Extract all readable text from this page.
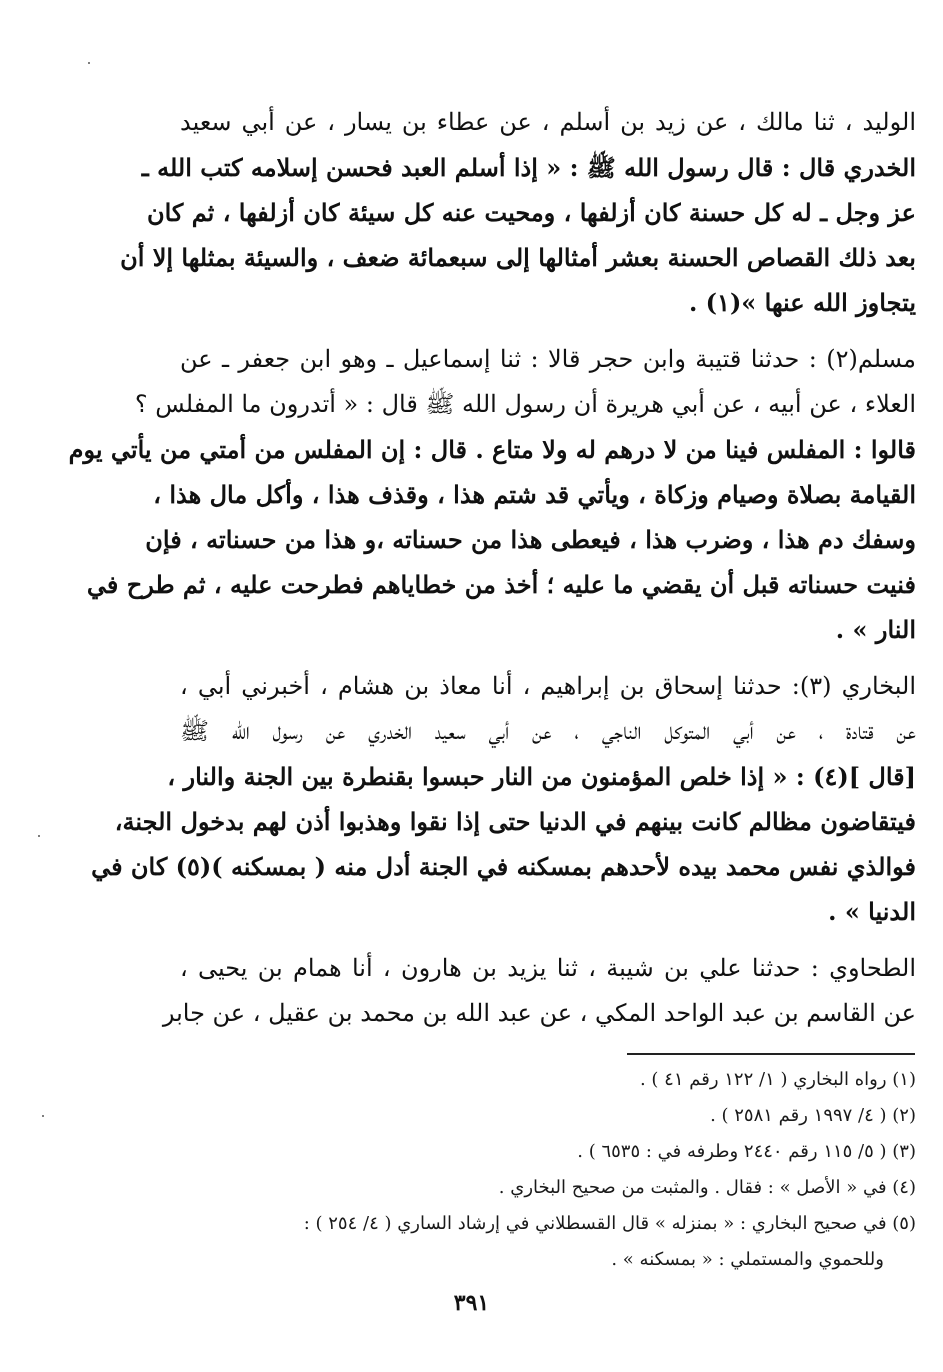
الوليد ، ثنا مالك ، عن زيد بن أسلم ، عن عطاء بن يسار ، عن أبي سعيد
الخدري قال : قال رسول الله ﷺ : « إذا أسلم العبد فحسن إسلامه كتب الله ـ
عز وجل ـ له كل حسنة كان أزلفها ، ومحيت عنه كل سيئة كان أزلفها ، ثم كان
بعد ذلك القصاص الحسنة بعشر أمثالها إلى سبعمائة ضعف ، والسيئة بمثلها إلا أن
يتجاوز الله عنها »(١) .
مسلم(٢) : حدثنا قتيبة وابن حجر قالا : ثنا إسماعيل ـ وهو ابن جعفر ـ عن
العلاء ، عن أبيه ، عن أبي هريرة أن رسول الله ﷺ قال : « أتدرون ما المفلس ؟
قالوا : المفلس فينا من لا درهم له ولا متاع . قال : إن المفلس من أمتي من يأتي يوم
القيامة بصلاة وصيام وزكاة ، ويأتي قد شتم هذا ، وقذف هذا ، وأكل مال هذا ،
وسفك دم هذا ، وضرب هذا ، فيعطى هذا من حسناته ،و هذا من حسناته ، فإن
فنيت حسناته قبل أن يقضي ما عليه ؛ أخذ من خطاياهم فطرحت عليه ، ثم طرح في
النار » .
البخاري (٣): حدثنا إسحاق بن إبراهيم ، أنا معاذ بن هشام ، أخبرني أبي ،
عن قتادة ، عن أبي المتوكل الناجي ، عن أبي سعيد الخدري عن رسول الله ﷺ
[قال ](٤) : « إذا خلص المؤمنون من النار حبسوا بقنطرة بين الجنة والنار ،
فيتقاضون مظالم كانت بينهم في الدنيا حتى إذا نقوا وهذبوا أذن لهم بدخول الجنة،
فوالذي نفس محمد بيده لأحدهم بمسكنه في الجنة أدل منه ( بمسكنه )(٥) كان في
الدنيا » .
الطحاوي : حدثنا علي بن شيبة ، ثنا يزيد بن هارون ، أنا همام بن يحيى ،
عن القاسم بن عبد الواحد المكي ، عن عبد الله بن محمد بن عقيل ، عن جابر
(١) رواه البخاري ( ١/ ١٢٢ رقم ٤١ ) .
(٢) ( ٤/ ١٩٩٧ رقم ٢٥٨١ ) .
(٣) ( ٥/ ١١٥ رقم ٢٤٤٠ وطرفه في : ٦٥٣٥ ) .
(٤) في « الأصل » : فقال . والمثبت من صحيح البخاري .
(٥) في صحيح البخاري : « بمنزله » قال القسطلاني في إرشاد الساري ( ٤/ ٢٥٤ ) :
وللحموي والمستملي : « بمسكنه » .
٣٩١
